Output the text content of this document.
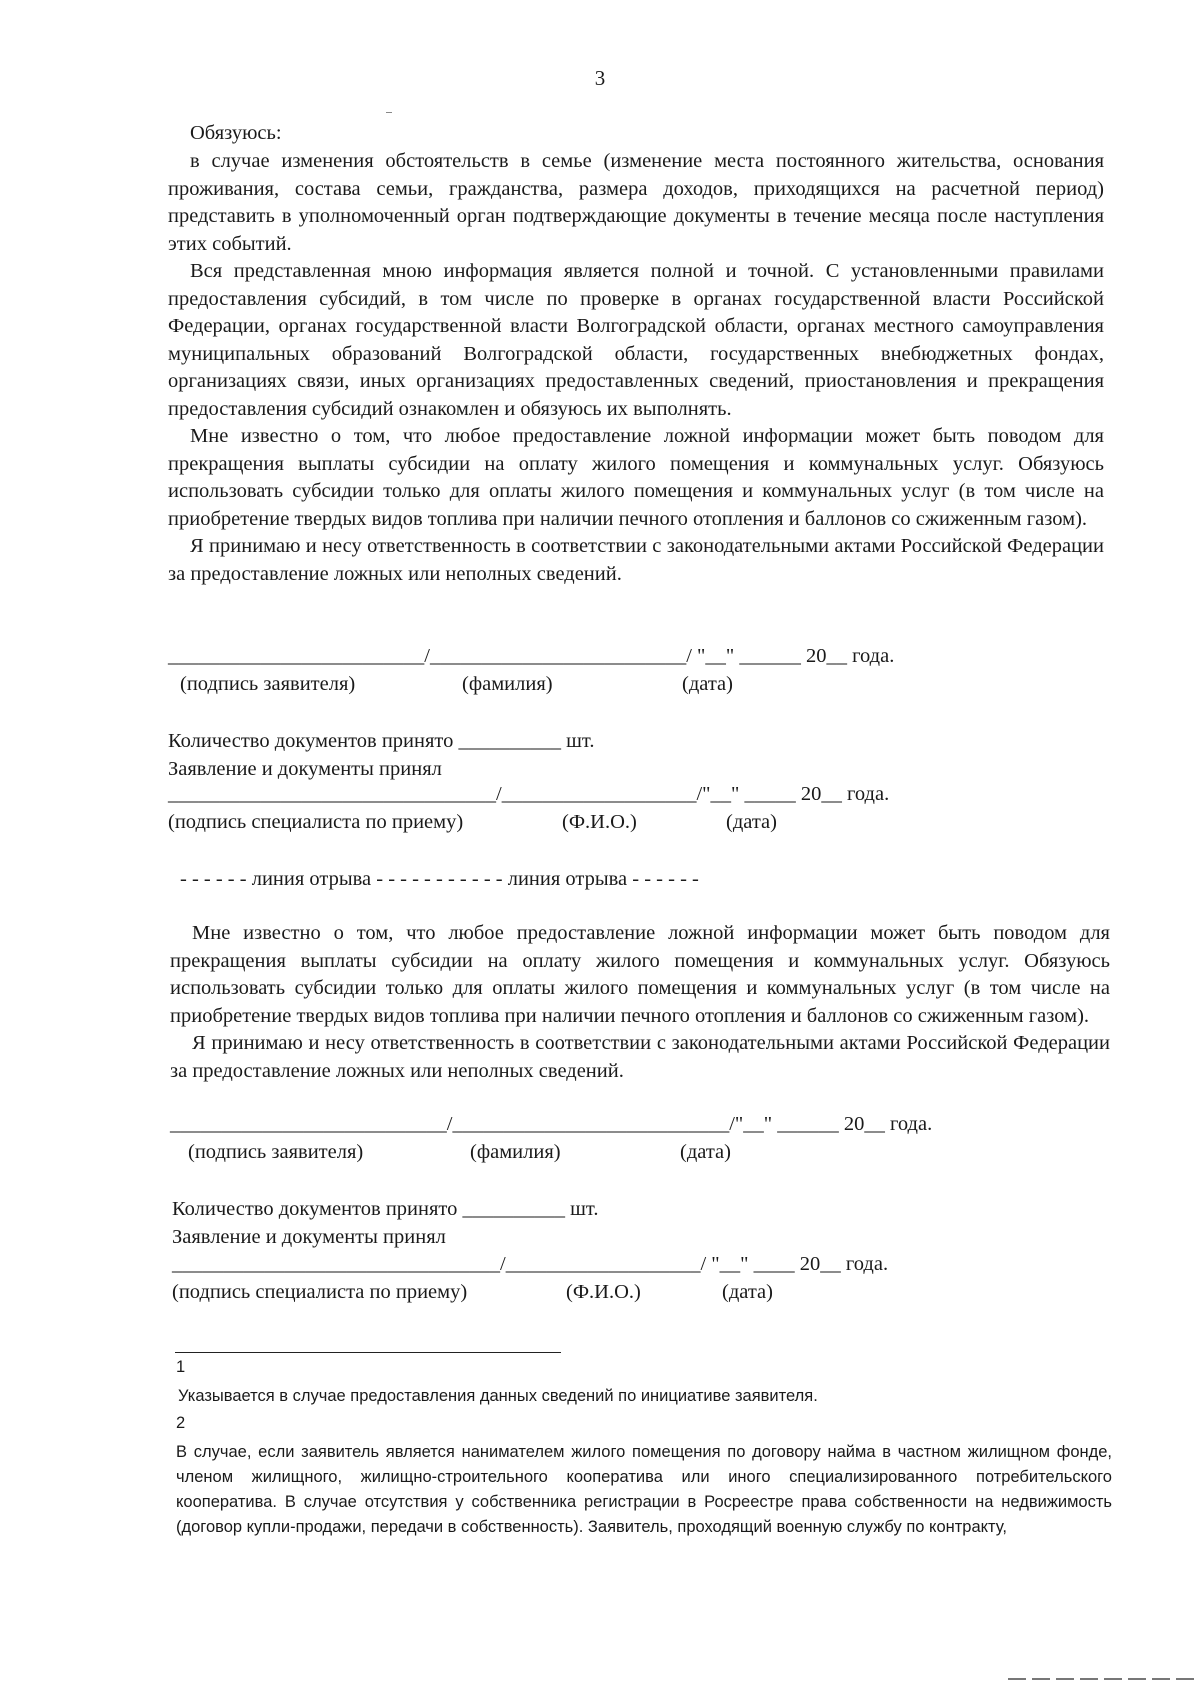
3
Обязуюсь:

в случае изменения обстоятельств в семье (изменение места постоянного жительства, основания проживания, состава семьи, гражданства, размера доходов, приходящихся на расчетной период) представить в уполномоченный орган подтверждающие документы в течение месяца после наступления этих событий.

Вся представленная мною информация является полной и точной. С установленными правилами предоставления субсидий, в том числе по проверке в органах государственной власти Российской Федерации, органах государственной власти Волгоградской области, органах местного самоуправления муниципальных образований Волгоградской области, государственных внебюджетных фондах, организациях связи, иных организациях предоставленных сведений, приостановления и прекращения предоставления субсидий ознакомлен и обязуюсь их выполнять.

Мне известно о том, что любое предоставление ложной информации может быть поводом для прекращения выплаты субсидии на оплату жилого помещения и коммунальных услуг. Обязуюсь использовать субсидии только для оплаты жилого помещения и коммунальных услуг (в том числе на приобретение твердых видов топлива при наличии печного отопления и баллонов со сжиженным газом).

Я принимаю и несу ответственность в соответствии с законодательными актами Российской Федерации за предоставление ложных или неполных сведений.

_________________________/_________________________/ "__" ______ 20__ года.
(подпись заявителя)	(фамилия)	(дата)
Количество документов принято __________ шт.
Заявление и документы принял
________________________________/___________________/"__" _____ 20__ года.
(подпись специалиста по приему)	(Ф.И.О.)	(дата)
- - - - - - линия отрыва - - - - - - - - - - - линия отрыва - - - - - -

Мне известно о том, что любое предоставление ложной информации может быть поводом для прекращения выплаты субсидии на оплату жилого помещения и коммунальных услуг. Обязуюсь использовать субсидии только для оплаты жилого помещения и коммунальных услуг (в том числе на приобретение твердых видов топлива при наличии печного отопления и баллонов со сжиженным газом).

Я принимаю и несу ответственность в соответствии с законодательными актами Российской Федерации за предоставление ложных или неполных сведений.

___________________________/___________________________/"__" ______ 20__ года.
(подпись заявителя)	(фамилия)	(дата)
Количество документов принято __________ шт.
Заявление и документы принял
________________________________/___________________/ "__" ____ 20__ года.
(подпись специалиста по приему)	(Ф.И.О.)	(дата)
1
Указывается в случае предоставления данных сведений по инициативе заявителя.
2
В случае, если заявитель является нанимателем жилого помещения по договору найма в частном жилищном фонде, членом жилищного, жилищно-строительного кооператива или иного специализированного потребительского кооператива. В случае отсутствия у собственника регистрации в Росреестре права собственности на недвижимость (договор купли-продажи, передачи в собственность). Заявитель, проходящий военную службу по контракту,
